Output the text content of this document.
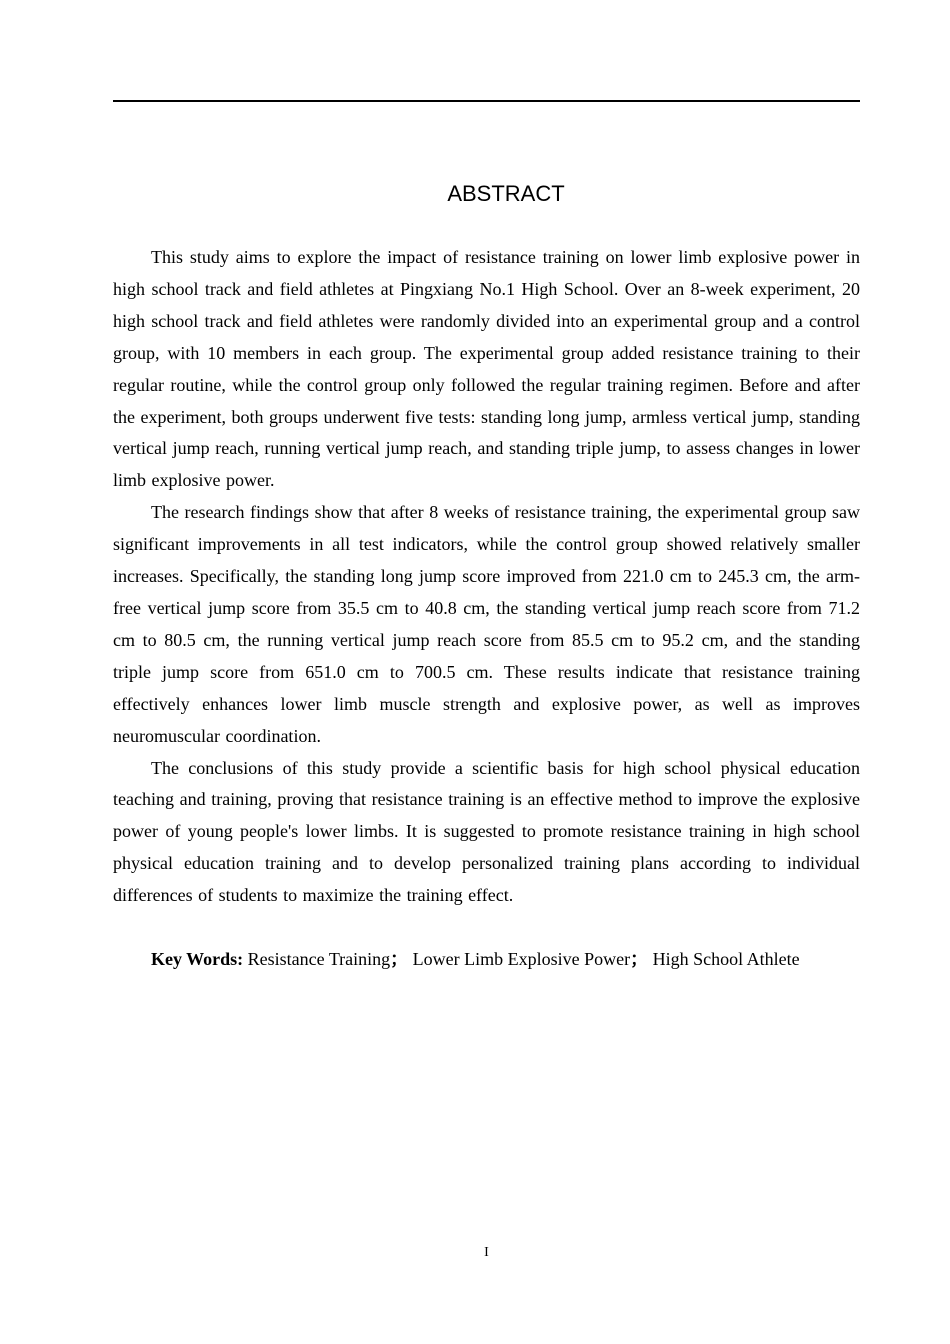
ABSTRACT

This study aims to explore the impact of resistance training on lower limb explosive power in high school track and field athletes at Pingxiang No.1 High School. Over an 8-week experiment, 20 high school track and field athletes were randomly divided into an experimental group and a control group, with 10 members in each group. The experimental group added resistance training to their regular routine, while the control group only followed the regular training regimen. Before and after the experiment, both groups underwent five tests: standing long jump, armless vertical jump, standing vertical jump reach, running vertical jump reach, and standing triple jump, to assess changes in lower limb explosive power.

The research findings show that after 8 weeks of resistance training, the experimental group saw significant improvements in all test indicators, while the control group showed relatively smaller increases. Specifically, the standing long jump score improved from 221.0 cm to 245.3 cm, the arm-free vertical jump score from 35.5 cm to 40.8 cm, the standing vertical jump reach score from 71.2 cm to 80.5 cm, the running vertical jump reach score from 85.5 cm to 95.2 cm, and the standing triple jump score from 651.0 cm to 700.5 cm. These results indicate that resistance training effectively enhances lower limb muscle strength and explosive power, as well as improves neuromuscular coordination.

The conclusions of this study provide a scientific basis for high school physical education teaching and training, proving that resistance training is an effective method to improve the explosive power of young people's lower limbs. It is suggested to promote resistance training in high school physical education training and to develop personalized training plans according to individual differences of students to maximize the training effect.

Key Words: Resistance Training； Lower Limb Explosive Power； High School Athlete

I
